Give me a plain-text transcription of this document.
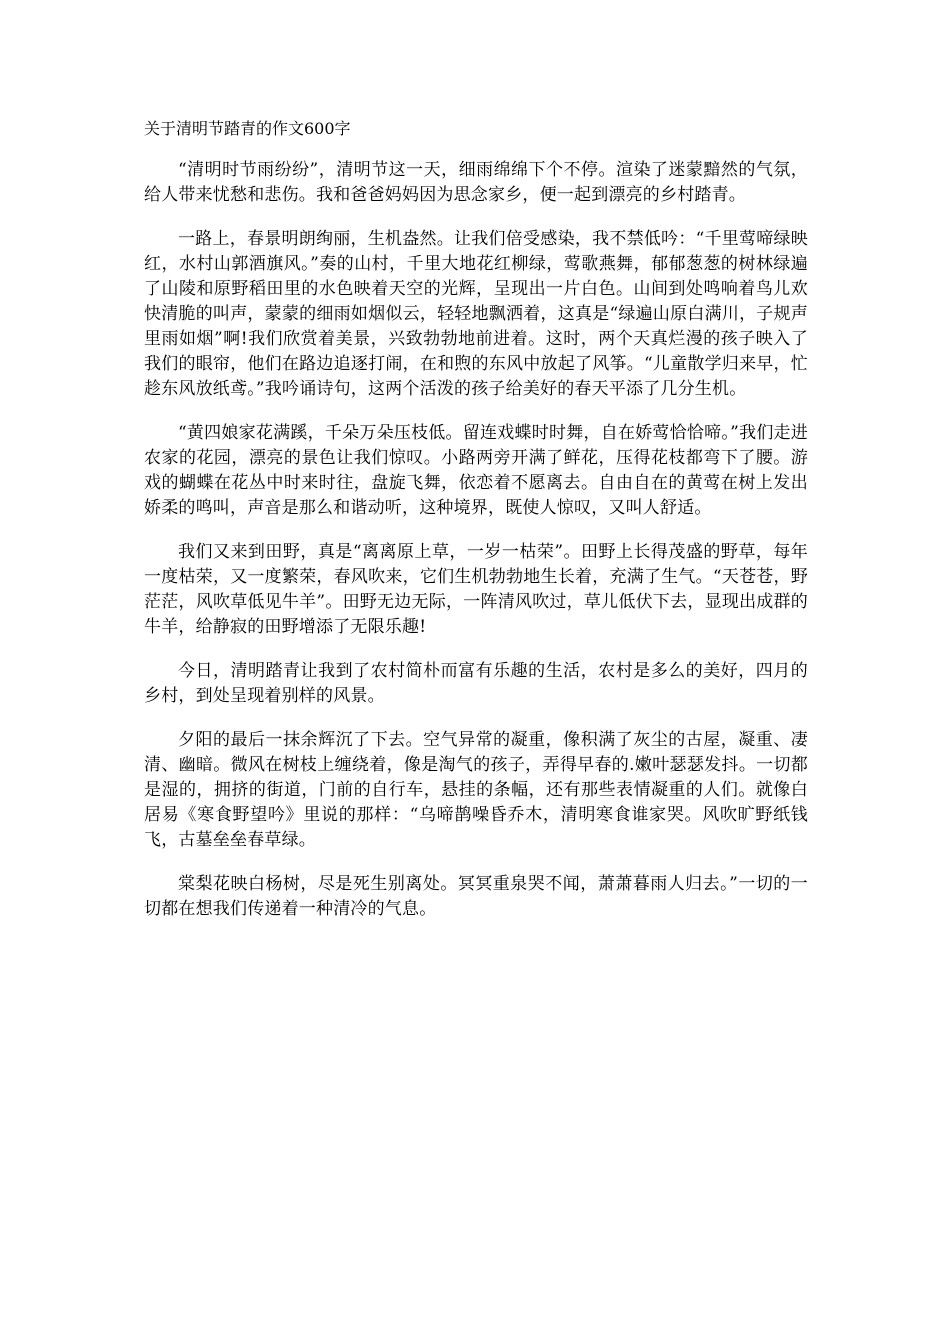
关于清明节踏青的作文600字

“清明时节雨纷纷”，清明节这一天，细雨绵绵下个不停。渲染了迷蒙黯然的气氛，给人带来忧愁和悲伤。我和爸爸妈妈因为思念家乡，便一起到漂亮的乡村踏青。

一路上，春景明朗绚丽，生机盎然。让我们倍受感染，我不禁低吟：“千里莺啼绿映红，水村山郭酒旗风。”奏的山村，千里大地花红柳绿，莺歌燕舞，郁郁葱葱的树林绿遍了山陵和原野稻田里的水色映着天空的光辉，呈现出一片白色。山间到处鸣响着鸟儿欢快清脆的叫声，蒙蒙的细雨如烟似云，轻轻地飘洒着，这真是“绿遍山原白满川，子规声里雨如烟”啊!我们欣赏着美景，兴致勃勃地前进着。这时，两个天真烂漫的孩子映入了我们的眼帘，他们在路边追逐打闹，在和煦的东风中放起了风筝。“儿童散学归来早，忙趁东风放纸鸢。”我吟诵诗句，这两个活泼的孩子给美好的春天平添了几分生机。

“黄四娘家花满蹊，千朵万朵压枝低。留连戏蝶时时舞，自在娇莺恰恰啼。”我们走进农家的花园，漂亮的景色让我们惊叹。小路两旁开满了鲜花，压得花枝都弯下了腰。游戏的蝴蝶在花丛中时来时往，盘旋飞舞，依恋着不愿离去。自由自在的黄莺在树上发出娇柔的鸣叫，声音是那么和谐动听，这种境界，既使人惊叹，又叫人舒适。

我们又来到田野，真是“离离原上草，一岁一枯荣”。田野上长得茂盛的野草，每年一度枯荣，又一度繁荣，春风吹来，它们生机勃勃地生长着，充满了生气。“天苍苍，野茫茫，风吹草低见牛羊”。田野无边无际，一阵清风吹过，草儿低伏下去，显现出成群的牛羊，给静寂的田野增添了无限乐趣!

今日，清明踏青让我到了农村简朴而富有乐趣的生活，农村是多么的美好，四月的乡村，到处呈现着别样的风景。

夕阳的最后一抹余辉沉了下去。空气异常的凝重，像积满了灰尘的古屋，凝重、凄清、幽暗。微风在树枝上缠绕着，像是淘气的孩子，弄得早春的.嫩叶瑟瑟发抖。一切都是湿的，拥挤的街道，门前的自行车，悬挂的条幅，还有那些表情凝重的人们。就像白居易《寒食野望吟》里说的那样：“乌啼鹊噪昏乔木，清明寒食谁家哭。风吹旷野纸钱飞，古墓垒垒春草绿。

棠梨花映白杨树，尽是死生别离处。冥冥重泉哭不闻，萧萧暮雨人归去。”一切的一切都在想我们传递着一种清冷的气息。
